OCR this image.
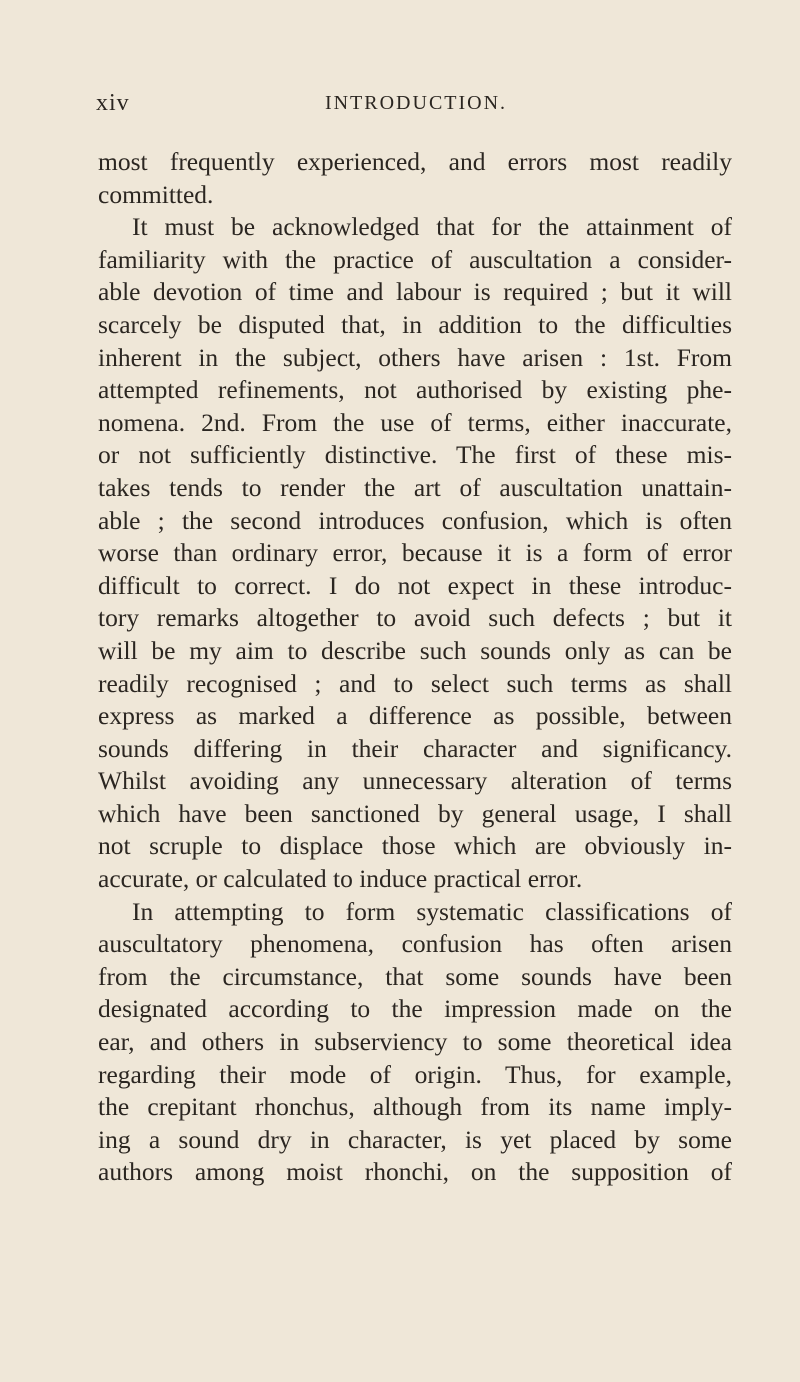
xiv	INTRODUCTION.
most frequently experienced, and errors most readily
committed.
It must be acknowledged that for the attainment of
familiarity with the practice of auscultation a consider-
able devotion of time and labour is required ; but it will
scarcely be disputed that, in addition to the difficulties
inherent in the subject, others have arisen : 1st. From
attempted refinements, not authorised by existing phe-
nomena. 2nd. From the use of terms, either inaccurate,
or not sufficiently distinctive. The first of these mis-
takes tends to render the art of auscultation unattain-
able ; the second introduces confusion, which is often
worse than ordinary error, because it is a form of error
difficult to correct. I do not expect in these introduc-
tory remarks altogether to avoid such defects ; but it
will be my aim to describe such sounds only as can be
readily recognised ; and to select such terms as shall
express as marked a difference as possible, between
sounds differing in their character and significancy.
Whilst avoiding any unnecessary alteration of terms
which have been sanctioned by general usage, I shall
not scruple to displace those which are obviously in-
accurate, or calculated to induce practical error.
In attempting to form systematic classifications of
auscultatory phenomena, confusion has often arisen
from the circumstance, that some sounds have been
designated according to the impression made on the
ear, and others in subserviency to some theoretical idea
regarding their mode of origin. Thus, for example,
the crepitant rhonchus, although from its name imply-
ing a sound dry in character, is yet placed by some
authors among moist rhonchi, on the supposition of
